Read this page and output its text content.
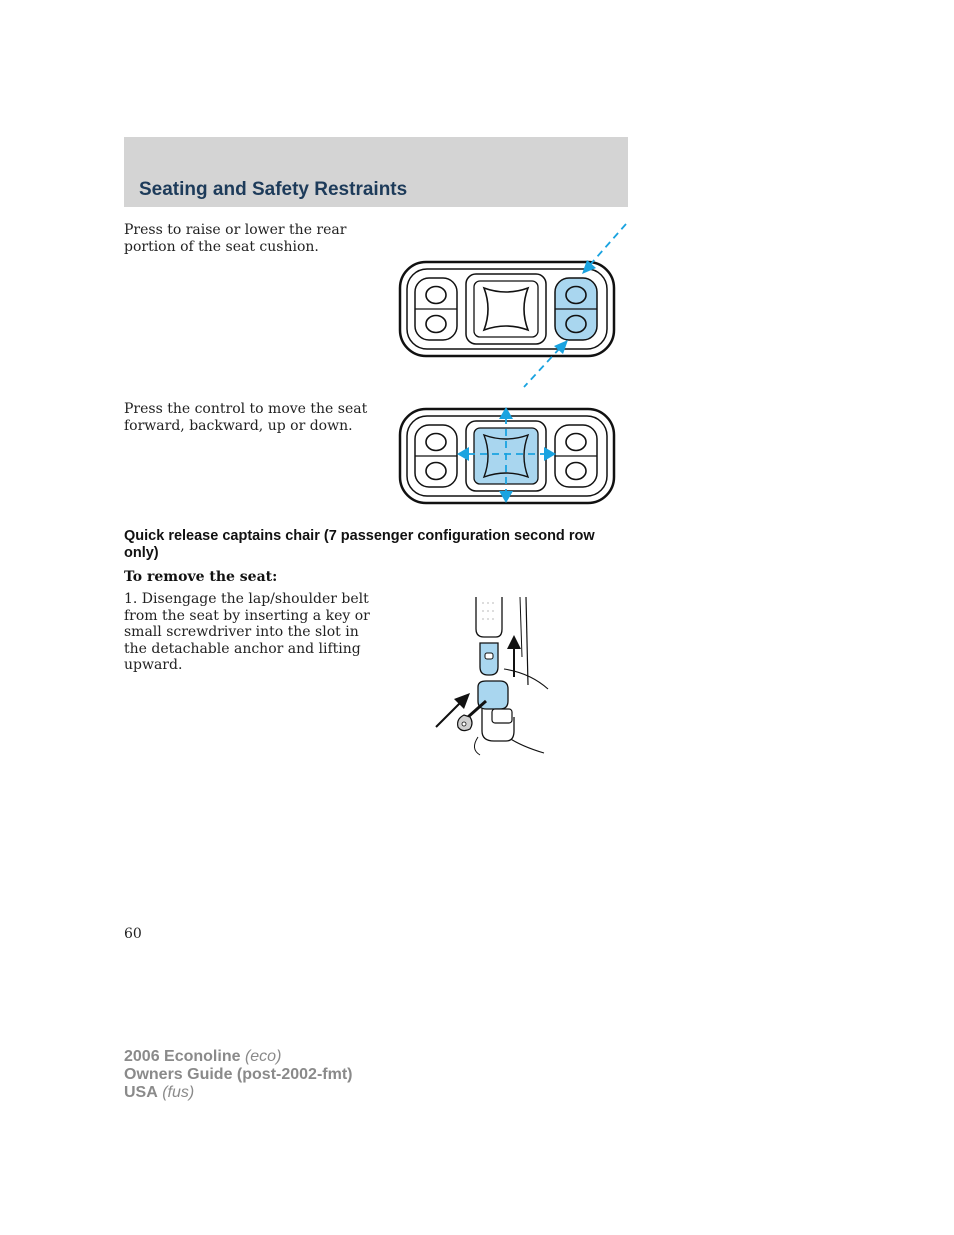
Seating and Safety Restraints

Press to raise or lower the rear portion of the seat cushion.

Press the control to move the seat forward, backward, up or down.

Quick release captains chair (7 passenger configuration second row only)

To remove the seat:

1. Disengage the lap/shoulder belt from the seat by inserting a key or small screwdriver into the slot in the detachable anchor and lifting upward.

60

2006 Econoline (eco)

Owners Guide (post-2002-fmt)

USA (fus)
